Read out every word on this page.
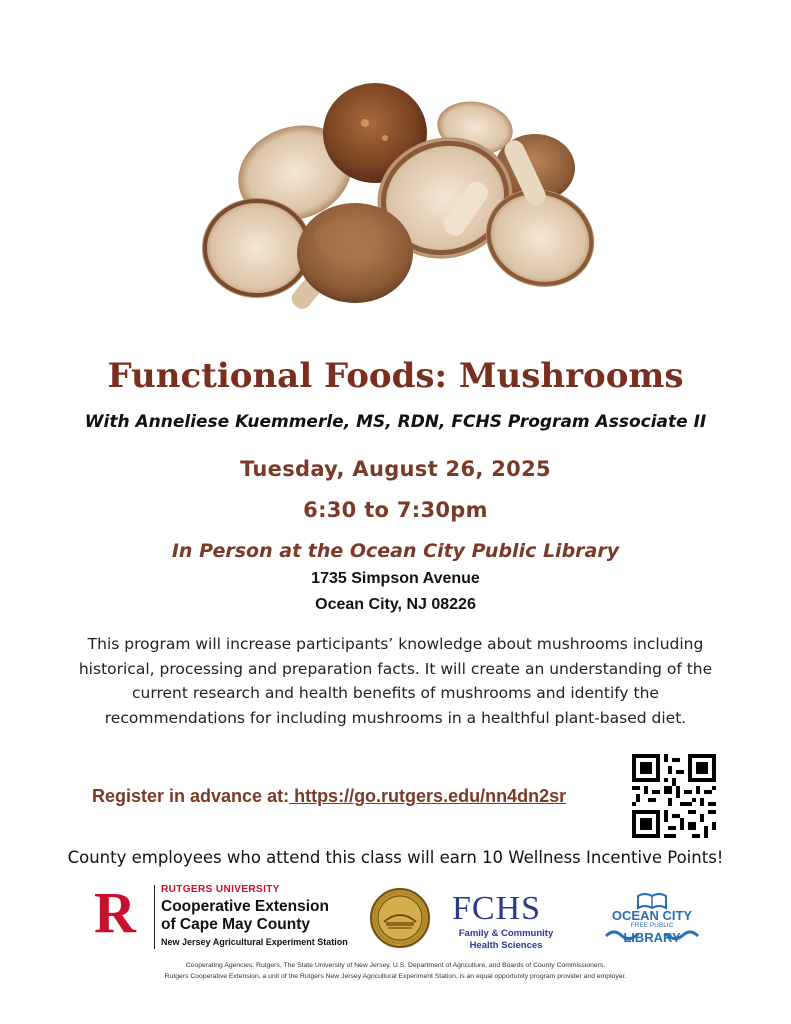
Functional Foods: Mushrooms
With Anneliese Kuemmerle, MS, RDN, FCHS Program Associate II
Tuesday, August 26, 2025
6:30 to 7:30pm
In Person at the Ocean City Public Library
1735 Simpson Avenue
Ocean City, NJ 08226
This program will increase participants’ knowledge about mushrooms including historical, processing and preparation facts. It will create an understanding of the current research and health benefits of mushrooms and identify the recommendations for including mushrooms in a healthful plant-based diet.
Register in advance at: https://go.rutgers.edu/nn4dn2sr
County employees who attend this class will earn 10 Wellness Incentive Points!
R	RUTGERS UNIVERSITY
Cooperative Extension
of Cape May County
New Jersey Agricultural Experiment Station
FCHS
Family & Community
Health Sciences
OCEAN CITY
FREE PUBLIC
LIBRARY
Cooperating Agencies: Rutgers, The State University of New Jersey, U.S. Department of Agriculture, and Boards of County Commissioners.
Rutgers Cooperative Extension, a unit of the Rutgers New Jersey Agricultural Experiment Station, is an equal opportunity program provider and employer.
